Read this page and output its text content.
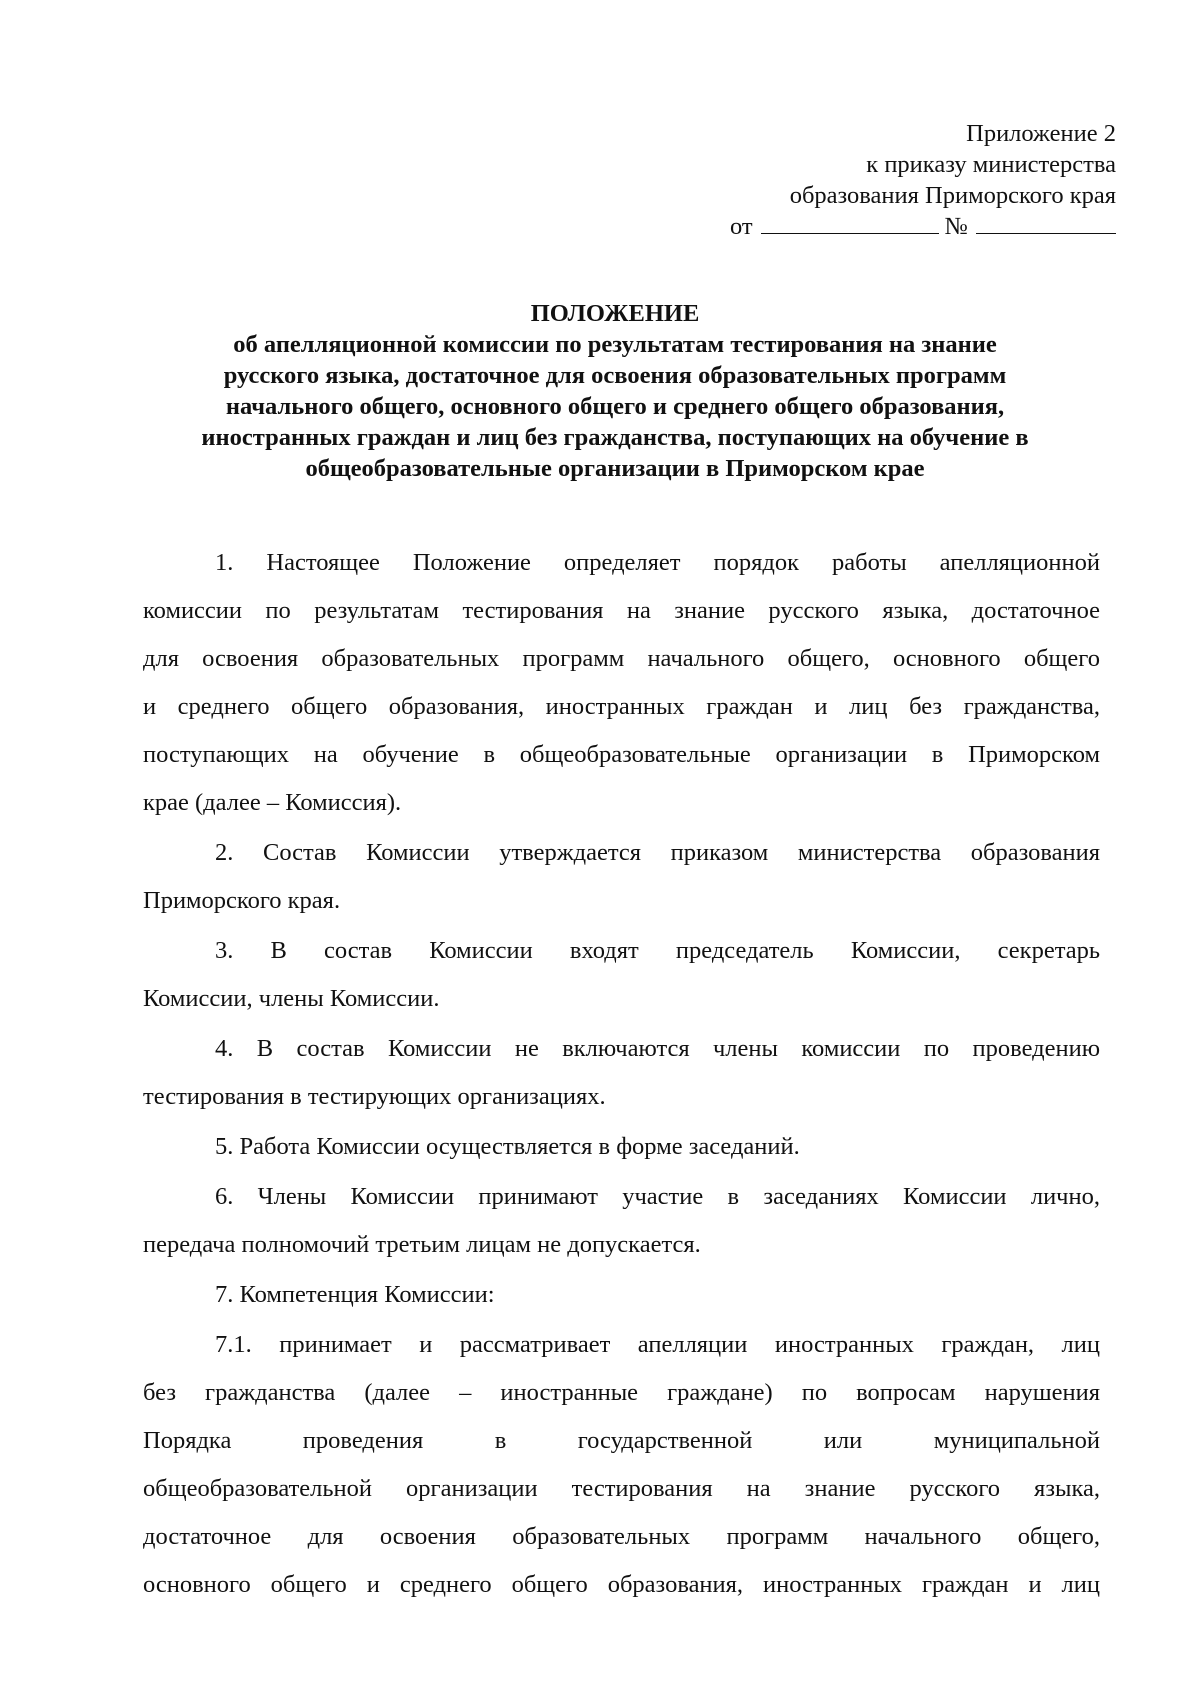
Приложение 2
к приказу министерства
образования Приморского края
от	№
ПОЛОЖЕНИЕ
об апелляционной комиссии по результатам тестирования на знание
русского языка, достаточное для освоения образовательных программ
начального общего, основного общего и среднего общего образования,
иностранных граждан и лиц без гражданства, поступающих на обучение в
общеобразовательные организации в Приморском крае
1. Настоящее Положение определяет порядок работы апелляционной
комиссии по результатам тестирования на знание русского языка, достаточное
для освоения образовательных программ начального общего, основного общего
и среднего общего образования, иностранных граждан и лиц без гражданства,
поступающих на обучение в общеобразовательные организации в Приморском
крае (далее – Комиссия).
2. Состав Комиссии утверждается приказом министерства образования
Приморского края.
3. В состав Комиссии входят председатель Комиссии, секретарь
Комиссии, члены Комиссии.
4. В состав Комиссии не включаются члены комиссии по проведению
тестирования в тестирующих организациях.
5. Работа Комиссии осуществляется в форме заседаний.
6. Члены Комиссии принимают участие в заседаниях Комиссии лично,
передача полномочий третьим лицам не допускается.
7. Компетенция Комиссии:
7.1. принимает и рассматривает апелляции иностранных граждан, лиц
без гражданства (далее – иностранные граждане) по вопросам нарушения
Порядка проведения в государственной или муниципальной
общеобразовательной организации тестирования на знание русского языка,
достаточное для освоения образовательных программ начального общего,
основного общего и среднего общего образования, иностранных граждан и лиц
